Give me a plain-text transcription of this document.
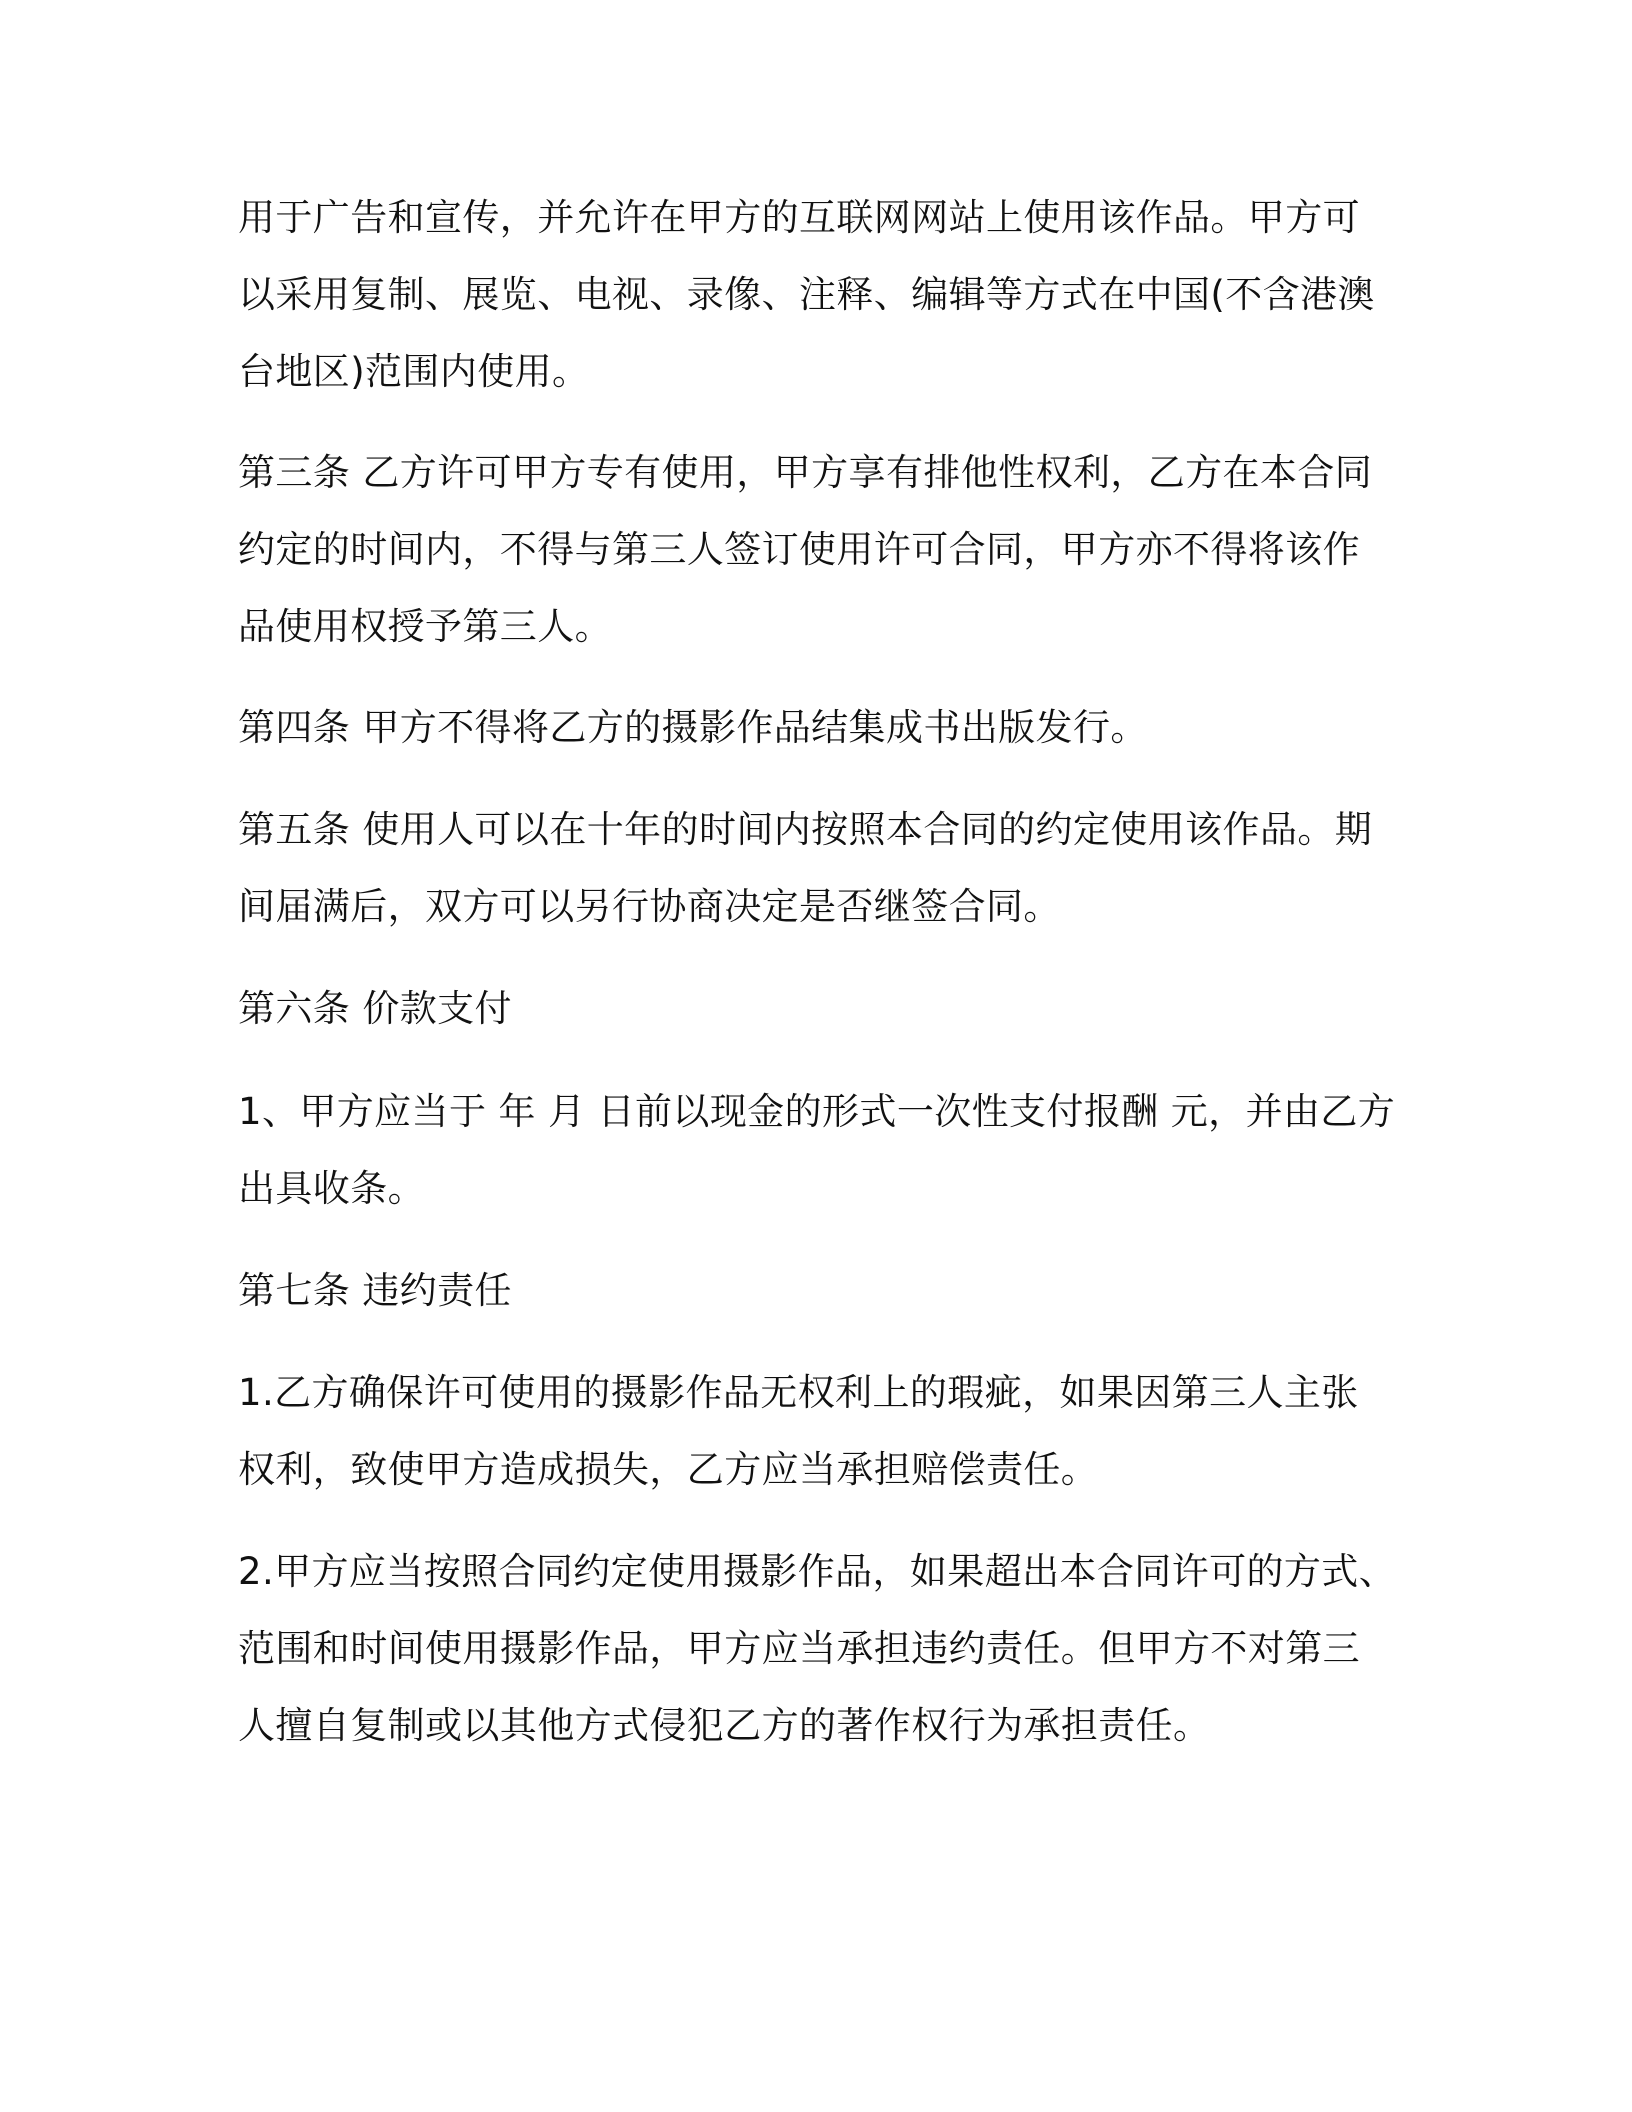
用于广告和宣传，并允许在甲方的互联网网站上使用该作品。甲方可
以采用复制、展览、电视、录像、注释、编辑等方式在中国(不含港澳
台地区)范围内使用。
第三条 乙方许可甲方专有使用，甲方享有排他性权利，乙方在本合同
约定的时间内，不得与第三人签订使用许可合同，甲方亦不得将该作
品使用权授予第三人。
第四条 甲方不得将乙方的摄影作品结集成书出版发行。
第五条 使用人可以在十年的时间内按照本合同的约定使用该作品。期
间届满后，双方可以另行协商决定是否继签合同。
第六条 价款支付
1、甲方应当于 年 月 日前以现金的形式一次性支付报酬 元，并由乙方
出具收条。
第七条 违约责任
1.乙方确保许可使用的摄影作品无权利上的瑕疵，如果因第三人主张
权利，致使甲方造成损失，乙方应当承担赔偿责任。
2.甲方应当按照合同约定使用摄影作品，如果超出本合同许可的方式、
范围和时间使用摄影作品，甲方应当承担违约责任。但甲方不对第三
人擅自复制或以其他方式侵犯乙方的著作权行为承担责任。
